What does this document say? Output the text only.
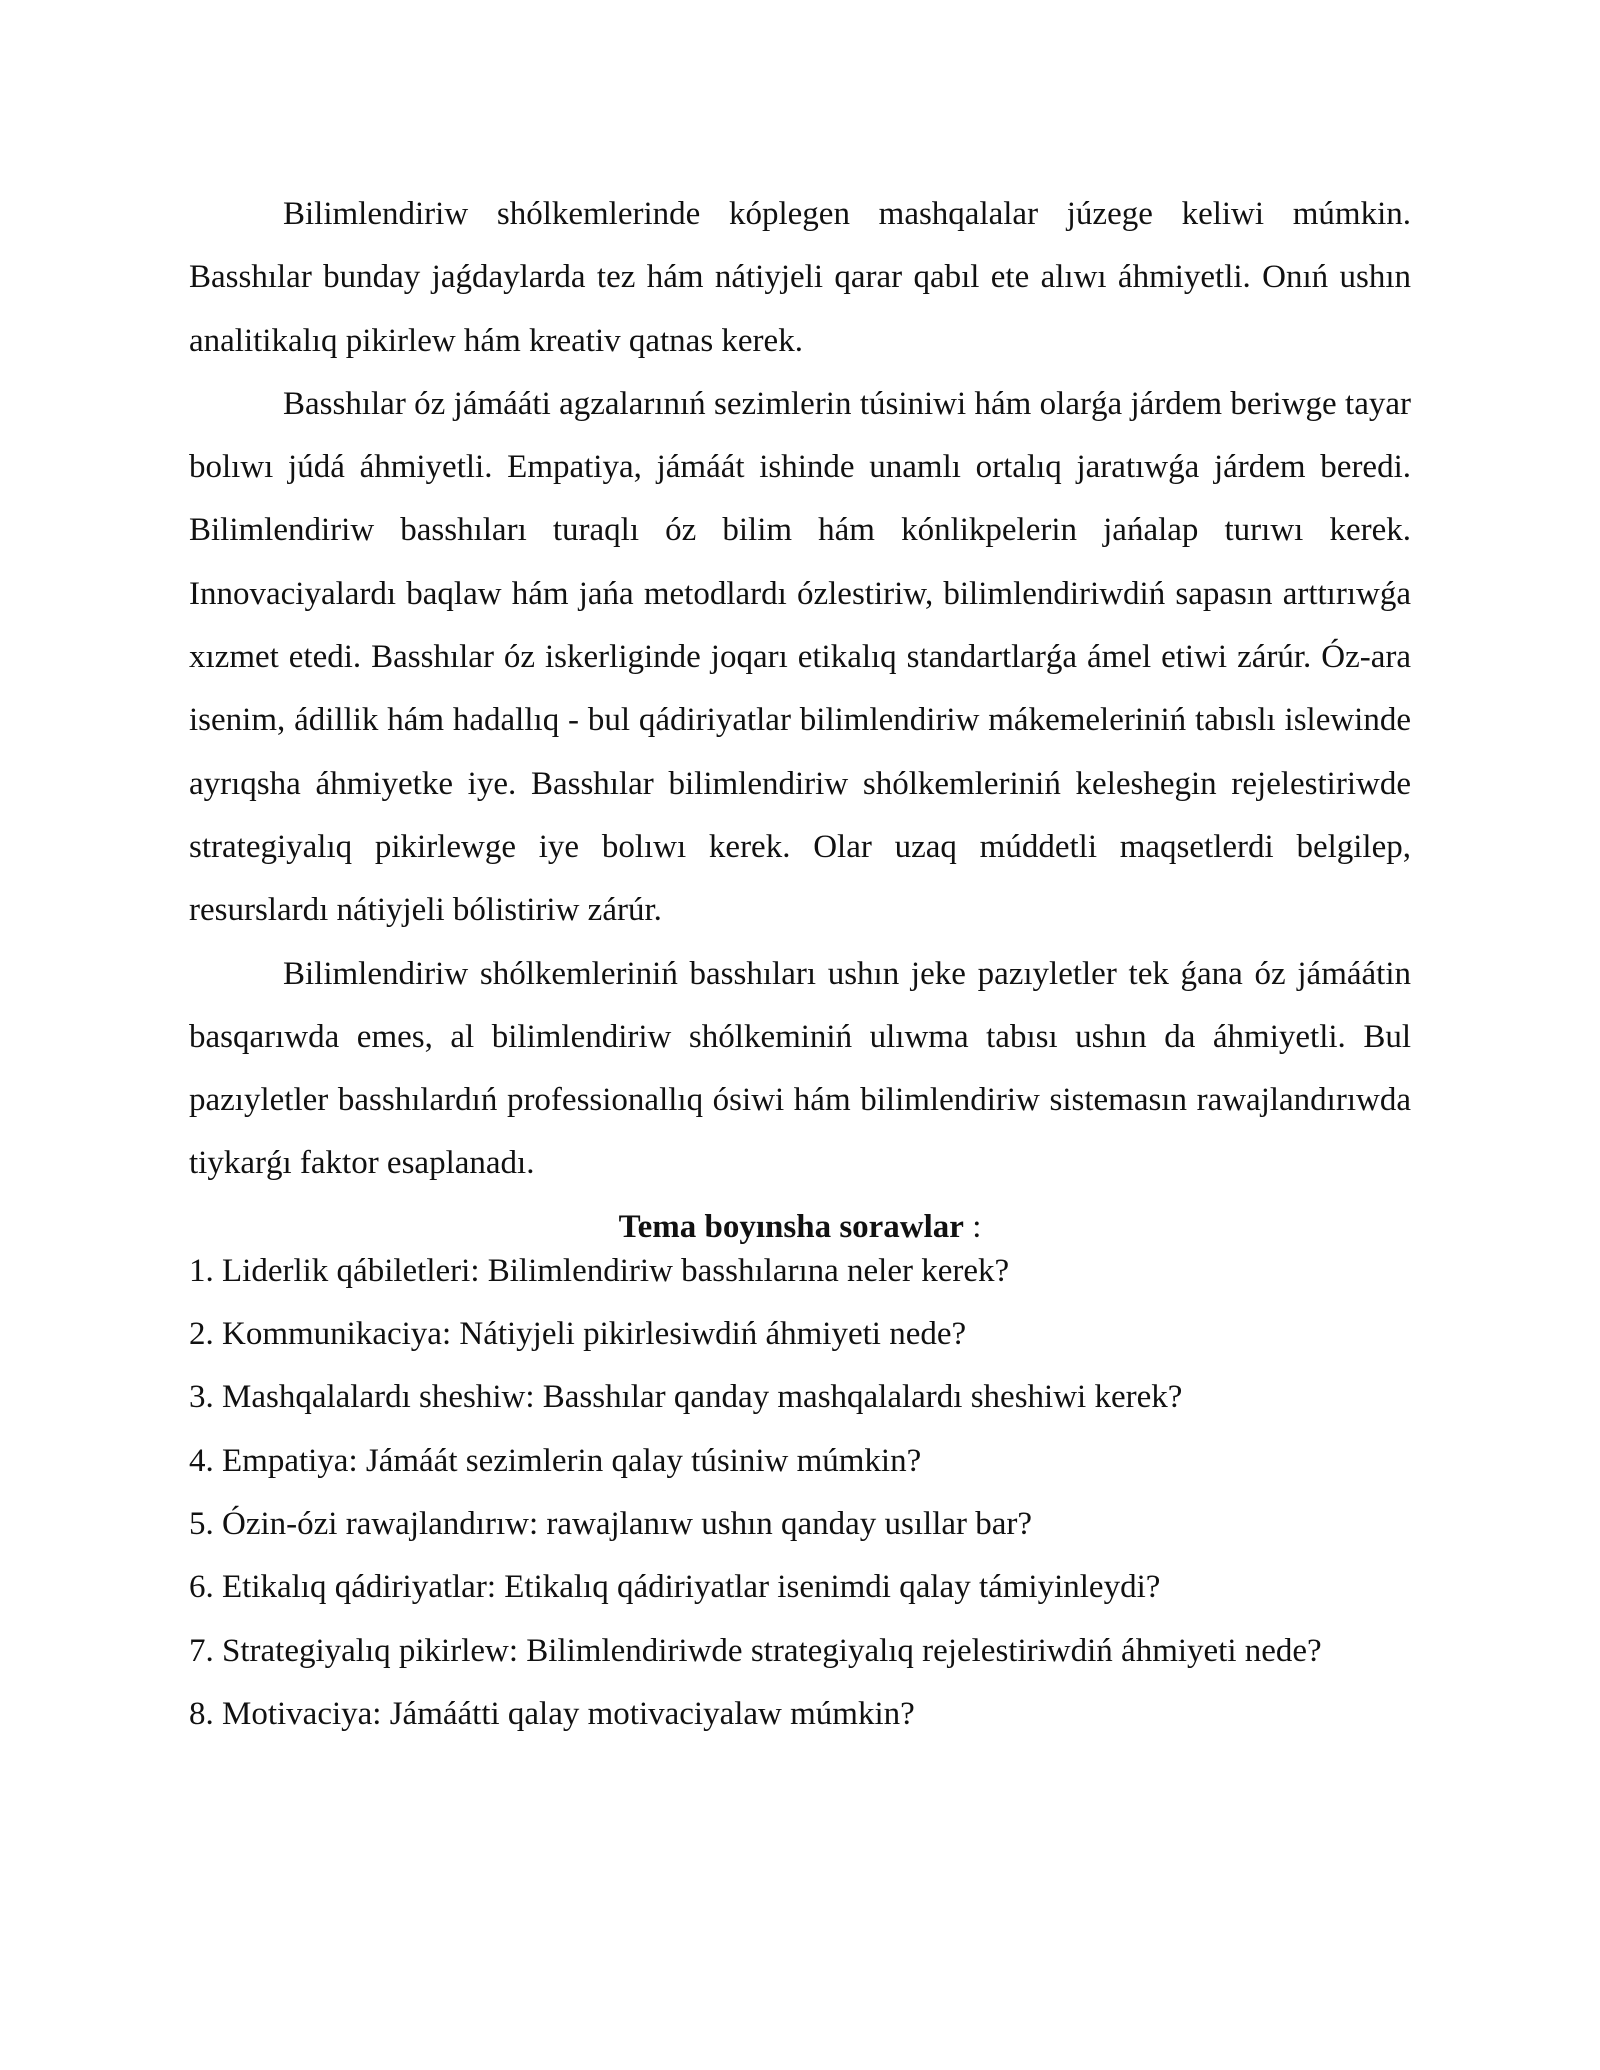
Bilimlendiriw shólkemlerinde kóplegen mashqalalar júzege keliwi múmkin. Basshılar bunday jaǵdaylarda tez hám nátiyjeli qarar qabıl ete alıwı áhmiyetli. Onıń ushın analitikalıq pikirlew hám kreativ qatnas kerek.

Basshılar óz jámááti agzalarınıń sezimlerin túsiniwi hám olarǵa járdem beriwge tayar bolıwı júdá áhmiyetli. Empatiya, jámáát ishinde unamlı ortalıq jaratıwǵa járdem beredi. Bilimlendiriw basshıları turaqlı óz bilim hám kónlikpelerin jańalap turıwı kerek. Innovaciyalardı baqlaw hám jańa metodlardı ózlestiriw, bilimlendiriwdiń sapasın arttırıwǵa xızmet etedi. Basshılar óz iskerliginde joqarı etikalıq standartlarǵa ámel etiwi zárúr. Óz-ara isenim, ádillik hám hadallıq - bul qádiriyatlar bilimlendiriw mákemeleriniń tabıslı islewinde ayrıqsha áhmiyetke iye. Basshılar bilimlendiriw shólkemleriniń keleshegin rejelestiriwde strategiyalıq pikirlewge iye bolıwı kerek. Olar uzaq múddetli maqsetlerdi belgilep, resurslardı nátiyjeli bólistiriw zárúr.

Bilimlendiriw shólkemleriniń basshıları ushın jeke pazıyletler tek ǵana óz jámáátin basqarıwda emes, al bilimlendiriw shólkeminiń ulıwma tabısı ushın da áhmiyetli. Bul pazıyletler basshılardıń professionallıq ósiwi hám bilimlendiriw sistemasın rawajlandırıwda tiykarǵı faktor esaplanadı.

Tema boyınsha sorawlar :

1. Liderlik qábiletleri: Bilimlendiriw basshılarına neler kerek?
2. Kommunikaciya: Nátiyjeli pikirlesiwdiń áhmiyeti nede?
3. Mashqalalardı sheshiw: Basshılar qanday mashqalalardı sheshiwi kerek?
4. Empatiya: Jámáát sezimlerin qalay túsiniw múmkin?
5. Ózin-ózi rawajlandırıw: rawajlanıw ushın qanday usıllar bar?
6. Etikalıq qádiriyatlar: Etikalıq qádiriyatlar isenimdi qalay támiyinleydi?
7. Strategiyalıq pikirlew: Bilimlendiriwde strategiyalıq rejelestiriwdiń áhmiyeti nede?
8. Motivaciya: Jámáátti qalay motivaciyalaw múmkin?
